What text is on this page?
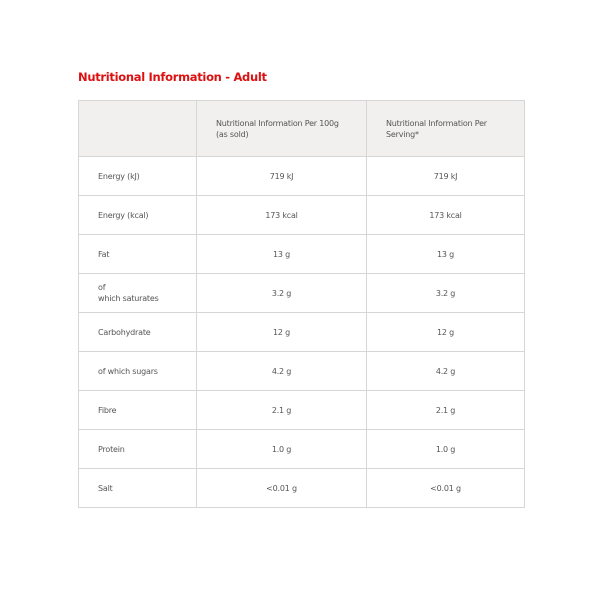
Nutritional Information - Adult
	Nutritional Information Per 100g (as sold)	Nutritional Information Per Serving*
Energy (kJ)	719 kJ	719 kJ
Energy (kcal)	173 kcal	173 kcal
Fat	13 g	13 g

of
which saturates	3.2 g	3.2 g
Carbohydrate	12 g	12 g
of which sugars	4.2 g	4.2 g
Fibre	2.1 g	2.1 g
Protein	1.0 g	1.0 g
Salt	<0.01 g	<0.01 g
